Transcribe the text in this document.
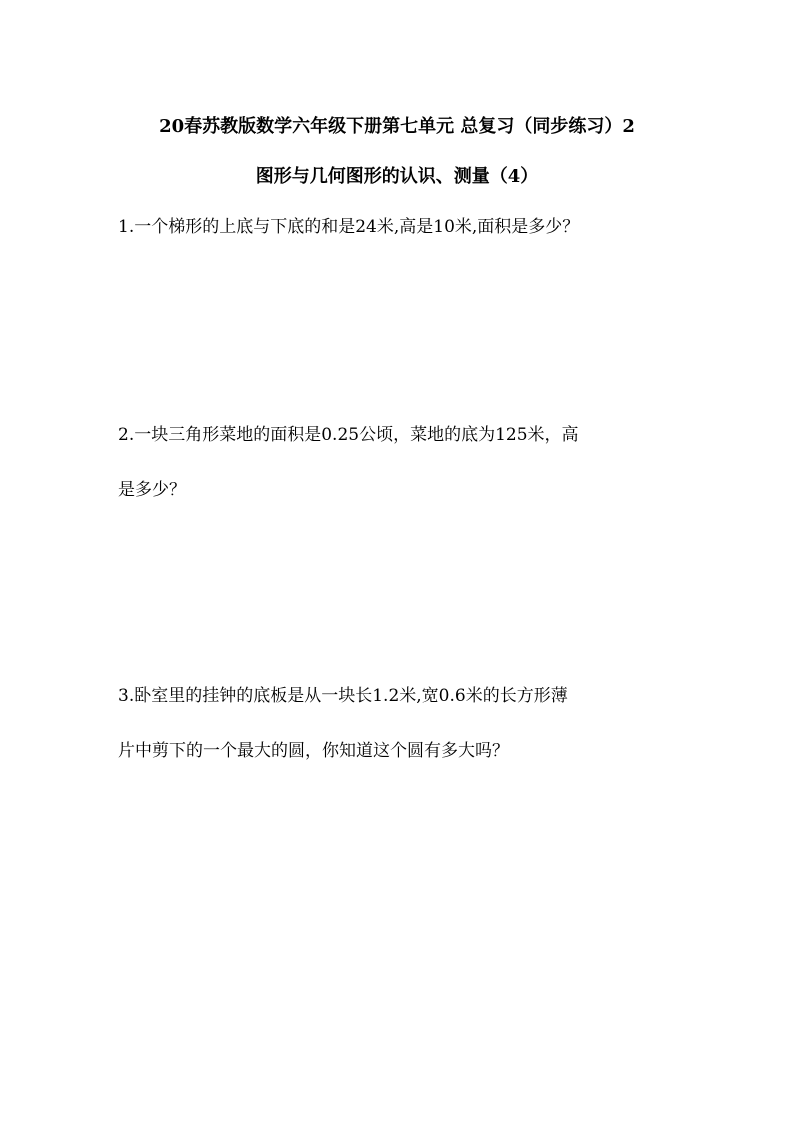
20春苏教版数学六年级下册第七单元 总复习（同步练习）2
图形与几何图形的认识、测量（4）
1.一个梯形的上底与下底的和是24米,高是10米,面积是多少？
2.一块三角形菜地的面积是0.25公顷，菜地的底为125米，高
是多少？
3.卧室里的挂钟的底板是从一块长1.2米,宽0.6米的长方形薄
片中剪下的一个最大的圆，你知道这个圆有多大吗？
